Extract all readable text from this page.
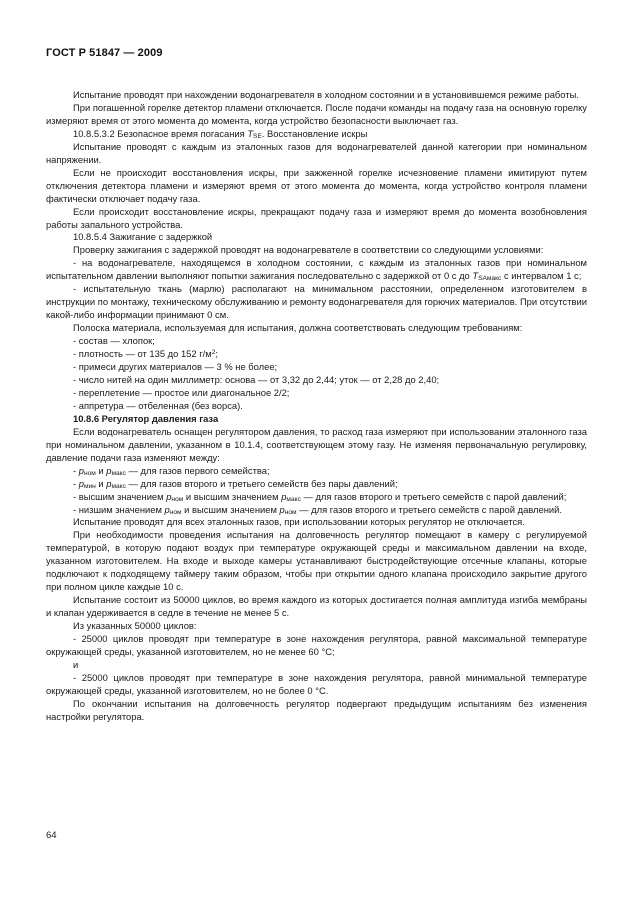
ГОСТ Р 51847 — 2009

Испытание проводят при нахождении водонагревателя в холодном состоянии и в установившемся режиме работы.

При погашенной горелке детектор пламени отключается. После подачи команды на подачу газа на основную горелку измеряют время от этого момента до момента, когда устройство безопасности выключает газ.

10.8.5.3.2 Безопасное время погасания TSE. Восстановление искры

Испытание проводят с каждым из эталонных газов для водонагревателей данной категории при номинальном напряжении.

Если не происходит восстановления искры, при зажженной горелке исчезновение пламени имитируют путем отключения детектора пламени и измеряют время от этого момента до момента, когда устройство контроля пламени фактически отключает подачу газа.

Если происходит восстановление искры, прекращают подачу газа и измеряют время до момента возобновления работы запального устройства.

10.8.5.4 Зажигание с задержкой

Проверку зажигания с задержкой проводят на водонагревателе в соответствии со следующими условиями:

- на водонагревателе, находящемся в холодном состоянии, с каждым из эталонных газов при номинальном испытательном давлении выполняют попытки зажигания последовательно с задержкой от 0 с до TSAмакс с интервалом 1 с;

- испытательную ткань (марлю) располагают на минимальном расстоянии, определенном изготовителем в инструкции по монтажу, техническому обслуживанию и ремонту водонагревателя для горючих материалов. При отсутствии какой-либо информации принимают 0 см.

Полоска материала, используемая для испытания, должна соответствовать следующим требованиям:

- состав — хлопок;

- плотность — от 135 до 152 $г/м^2$;

- примеси других материалов — 3 % не более;

- число нитей на один миллиметр: основа — от 3,32 до 2,44; уток — от 2,28 до 2,40;

- переплетение — простое или диагональное 2/2;

- аппретура — отбеленная (без ворса).

10.8.6 Регулятор давления газа

Если водонагреватель оснащен регулятором давления, то расход газа измеряют при использовании эталонного газа при номинальном давлении, указанном в 10.1.4, соответствующем этому газу. Не изменяя первоначальную регулировку, давление подачи газа изменяют между:

- pном и pмакс — для газов первого семейства;

- pмин и pмакс — для газов второго и третьего семейств без пары давлений;

- высшим значением pном и высшим значением pмакс — для газов второго и третьего семейств с парой давлений;

- низшим значением pном и высшим значением pном — для газов второго и третьего семейств с парой давлений.

Испытание проводят для всех эталонных газов, при использовании которых регулятор не отключается.

При необходимости проведения испытания на долговечность регулятор помещают в камеру с регулируемой температурой, в которую подают воздух при температуре окружающей среды и максимальном давлении на входе, указанном изготовителем. На входе и выходе камеры устанавливают быстродействующие отсечные клапаны, которые подключают к подходящему таймеру таким образом, чтобы при открытии одного клапана происходило закрытие другого при полном цикле каждые 10 с.

Испытание состоит из 50000 циклов, во время каждого из которых достигается полная амплитуда изгиба мембраны и клапан удерживается в седле в течение не менее 5 с.

Из указанных 50000 циклов:

- 25000 циклов проводят при температуре в зоне нахождения регулятора, равной максимальной температуре окружающей среды, указанной изготовителем, но не менее 60 °С;

и

- 25000 циклов проводят при температуре в зоне нахождения регулятора, равной минимальной температуре окружающей среды, указанной изготовителем, но не более 0 °С.

По окончании испытания на долговечность регулятор подвергают предыдущим испытаниям без изменения настройки регулятора.

64
